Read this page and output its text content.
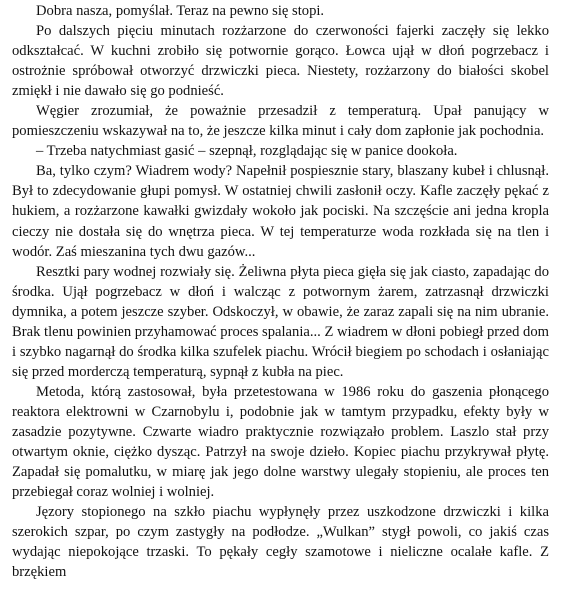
Dobra nasza, pomyślał. Teraz na pewno się stopi.

Po dalszych pięciu minutach rozżarzone do czerwoności fajerki zaczęły się lekko odkształcać. W kuchni zrobiło się potwornie gorąco. Łowca ujął w dłoń pogrzebacz i ostrożnie spróbował otworzyć drzwiczki pieca. Niestety, rozżarzony do białości skobel zmiękł i nie dawało się go podnieść.

Węgier zrozumiał, że poważnie przesadził z temperaturą. Upał panujący w pomieszczeniu wskazywał na to, że jeszcze kilka minut i cały dom zapłonie jak pochodnia.

– Trzeba natychmiast gasić – szepnął, rozglądając się w panice dookoła.

Ba, tylko czym? Wiadrem wody? Napełnił pospiesznie stary, blaszany kubeł i chlusnął. Był to zdecydowanie głupi pomysł. W ostatniej chwili zasłonił oczy. Kafle zaczęły pękać z hukiem, a rozżarzone kawałki gwizdały wokoło jak pociski. Na szczęście ani jedna kropla cieczy nie dostała się do wnętrza pieca. W tej temperaturze woda rozkłada się na tlen i wodór. Zaś mieszanina tych dwu gazów...

Resztki pary wodnej rozwiały się. Żeliwna płyta pieca gięła się jak ciasto, zapadając do środka. Ujął pogrzebacz w dłoń i walcząc z potwornym żarem, zatrzasnął drzwiczki dymnika, a potem jeszcze szyber. Odskoczył, w obawie, że zaraz zapali się na nim ubranie. Brak tlenu powinien przyhamować proces spalania... Z wiadrem w dłoni pobiegł przed dom i szybko nagarnął do środka kilka szufelek piachu. Wrócił biegiem po schodach i osłaniając się przed morderczą temperaturą, sypnął z kubła na piec.

Metoda, którą zastosował, była przetestowana w 1986 roku do gaszenia płonącego reaktora elektrowni w Czarnobylu i, podobnie jak w tamtym przypadku, efekty były w zasadzie pozytywne. Czwarte wiadro praktycznie rozwiązało problem. Laszlo stał przy otwartym oknie, ciężko dysząc. Patrzył na swoje dzieło. Kopiec piachu przykrywał płytę. Zapadał się pomalutku, w miarę jak jego dolne warstwy ulegały stopieniu, ale proces ten przebiegał coraz wolniej i wolniej.

Jęzory stopionego na szkło piachu wypłynęły przez uszkodzone drzwiczki i kilka szerokich szpar, po czym zastygły na podłodze. „Wulkan” stygł powoli, co jakiś czas wydając niepokojące trzaski. To pękały cegły szamotowe i nieliczne ocalałe kafle. Z brzękiem
